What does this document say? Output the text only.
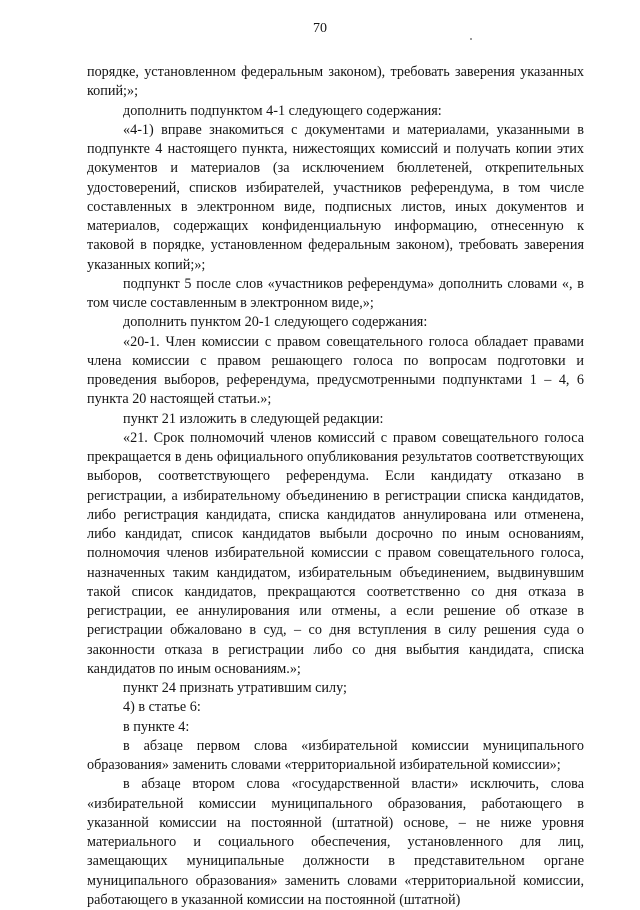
70

порядке, установленном федеральным законом), требовать заверения указанных копий;»;

дополнить подпунктом 4-1 следующего содержания:

«4-1) вправе знакомиться с документами и материалами, указанными в подпункте 4 настоящего пункта, нижестоящих комиссий и получать копии этих документов и материалов (за исключением бюллетеней, открепительных удостоверений, списков избирателей, участников референдума, в том числе составленных в электронном виде, подписных листов, иных документов и материалов, содержащих конфиденциальную информацию, отнесенную к таковой в порядке, установленном федеральным законом), требовать заверения указанных копий;»;

подпункт 5 после слов «участников референдума» дополнить словами «, в том числе составленным в электронном виде,»;

дополнить пунктом 20-1 следующего содержания:

«20-1. Член комиссии с правом совещательного голоса обладает правами члена комиссии с правом решающего голоса по вопросам подготовки и проведения выборов, референдума, предусмотренными подпунктами 1 – 4, 6 пункта 20 настоящей статьи.»;

пункт 21 изложить в следующей редакции:

«21. Срок полномочий членов комиссий с правом совещательного голоса прекращается в день официального опубликования результатов соответствующих выборов, соответствующего референдума. Если кандидату отказано в регистрации, а избирательному объединению в регистрации списка кандидатов, либо регистрация кандидата, списка кандидатов аннулирована или отменена, либо кандидат, список кандидатов выбыли досрочно по иным основаниям, полномочия членов избирательной комиссии с правом совещательного голоса, назначенных таким кандидатом, избирательным объединением, выдвинувшим такой список кандидатов, прекращаются соответственно со дня отказа в регистрации, ее аннулирования или отмены, а если решение об отказе в регистрации обжаловано в суд, – со дня вступления в силу решения суда о законности отказа в регистрации либо со дня выбытия кандидата, списка кандидатов по иным основаниям.»;

пункт 24 признать утратившим силу;

4) в статье 6:

в пункте 4:

в абзаце первом слова «избирательной комиссии муниципального образования» заменить словами «территориальной избирательной комиссии»;

в абзаце втором слова «государственной власти» исключить, слова «избирательной комиссии муниципального образования, работающего в указанной комиссии на постоянной (штатной) основе, – не ниже уровня материального и социального обеспечения, установленного для лиц, замещающих муниципальные должности в представительном органе муниципального образования» заменить словами «территориальной комиссии, работающего в указанной комиссии на постоянной (штатной)
